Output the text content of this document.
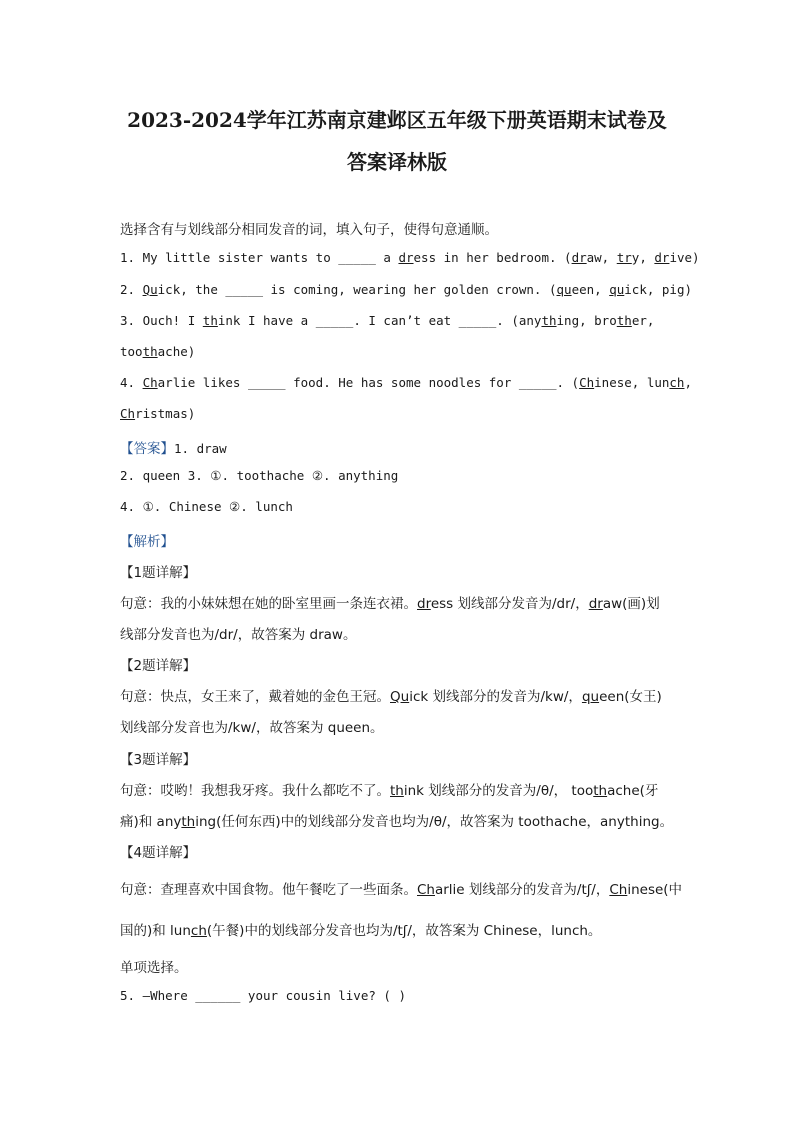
2023-2024学年江苏南京建邺区五年级下册英语期末试卷及
答案译林版
选择含有与划线部分相同发音的词，填入句子，使得句意通顺。
1. My little sister wants to _____ a dress in her bedroom. (draw, try, drive)
2. Quick, the _____ is coming, wearing her golden crown. (queen, quick, pig)
3. Ouch! I think I have a _____. I can’t eat _____. (anything, brother,
toothache)
4. Charlie likes _____ food. He has some noodles for _____. (Chinese, lunch,
Christmas)
【答案】1. draw
2. queen 3. ①. toothache ②. anything
4. ①. Chinese ②. lunch
【解析】
【1题详解】
句意：我的小妹妹想在她的卧室里画一条连衣裙。dress 划线部分发音为/dr/，draw(画)划
线部分发音也为/dr/，故答案为 draw。
【2题详解】
句意：快点，女王来了，戴着她的金色王冠。Quick 划线部分的发音为/kw/，queen(女王)
划线部分发音也为/kw/，故答案为 queen。
【3题详解】
句意：哎哟！我想我牙疼。我什么都吃不了。think 划线部分的发音为/θ/， toothache(牙
痛)和 anything(任何东西)中的划线部分发音也均为/θ/，故答案为 toothache，anything。
【4题详解】
句意：查理喜欢中国食物。他午餐吃了一些面条。Charlie 划线部分的发音为/tʃ/，Chinese(中
国的)和 lunch(午餐)中的划线部分发音也均为/tʃ/，故答案为 Chinese，lunch。
单项选择。
5. —Where ______ your cousin live? ( )
